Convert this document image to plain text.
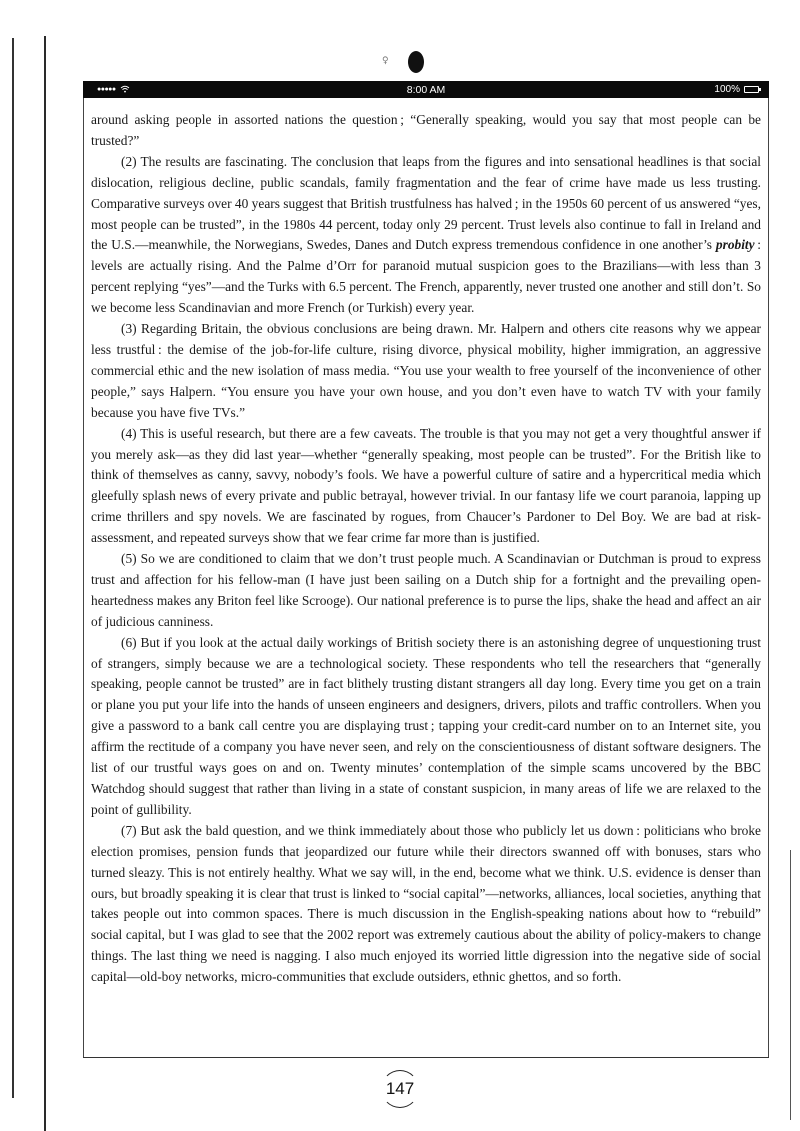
♀
●●●●●	8:00 AM	100%

around asking people in assorted nations the question ; “Generally speaking, would you say that most people can be trusted?”

(2) The results are fascinating. The conclusion that leaps from the figures and into sensational headlines is that social dislocation, religious decline, public scandals, family fragmentation and the fear of crime have made us less trusting. Comparative surveys over 40 years suggest that British trustfulness has halved ; in the 1950s 60 percent of us answered “yes, most people can be trusted”, in the 1980s 44 percent, today only 29 percent. Trust levels also continue to fall in Ireland and the U.S.—meanwhile, the Norwegians, Swedes, Danes and Dutch express tremendous confidence in one another’s probity : levels are actually rising. And the Palme d’Orr for paranoid mutual suspicion goes to the Brazilians—with less than 3 percent replying “yes”—and the Turks with 6.5 percent. The French, apparently, never trusted one another and still don’t. So we become less Scandinavian and more French (or Turkish) every year.

(3) Regarding Britain, the obvious conclusions are being drawn. Mr. Halpern and others cite reasons why we appear less trustful : the demise of the job-for-life culture, rising divorce, physical mobility, higher immigration, an aggressive commercial ethic and the new isolation of mass media. “You use your wealth to free yourself of the inconvenience of other people,” says Halpern. “You ensure you have your own house, and you don’t even have to watch TV with your family because you have five TVs.”

(4) This is useful research, but there are a few caveats. The trouble is that you may not get a very thoughtful answer if you merely ask—as they did last year—whether “generally speaking, most people can be trusted”. For the British like to think of themselves as canny, savvy, nobody’s fools. We have a powerful culture of satire and a hypercritical media which gleefully splash news of every private and public betrayal, however trivial. In our fantasy life we court paranoia, lapping up crime thrillers and spy novels. We are fascinated by rogues, from Chaucer’s Pardoner to Del Boy. We are bad at risk-assessment, and repeated surveys show that we fear crime far more than is justified.

(5) So we are conditioned to claim that we don’t trust people much. A Scandinavian or Dutchman is proud to express trust and affection for his fellow-man (I have just been sailing on a Dutch ship for a fortnight and the prevailing open-heartedness makes any Briton feel like Scrooge). Our national preference is to purse the lips, shake the head and affect an air of judicious canniness.

(6) But if you look at the actual daily workings of British society there is an astonishing degree of unquestioning trust of strangers, simply because we are a technological society. These respondents who tell the researchers that “generally speaking, people cannot be trusted” are in fact blithely trusting distant strangers all day long. Every time you get on a train or plane you put your life into the hands of unseen engineers and designers, drivers, pilots and traffic controllers. When you give a password to a bank call centre you are displaying trust ; tapping your credit-card number on to an Internet site, you affirm the rectitude of a company you have never seen, and rely on the conscientiousness of distant software designers. The list of our trustful ways goes on and on. Twenty minutes’ contemplation of the simple scams uncovered by the BBC Watchdog should suggest that rather than living in a state of constant suspicion, in many areas of life we are relaxed to the point of gullibility.

(7) But ask the bald question, and we think immediately about those who publicly let us down : politicians who broke election promises, pension funds that jeopardized our future while their directors swanned off with bonuses, stars who turned sleazy. This is not entirely healthy. What we say will, in the end, become what we think. U.S. evidence is denser than ours, but broadly speaking it is clear that trust is linked to “social capital”—networks, alliances, local societies, anything that takes people out into common spaces. There is much discussion in the English-speaking nations about how to “rebuild” social capital, but I was glad to see that the 2002 report was extremely cautious about the ability of policy-makers to change things. The last thing we need is nagging. I also much enjoyed its worried little digression into the negative side of social capital—old-boy networks, micro-communities that exclude outsiders, ethnic ghettos, and so forth.

147
